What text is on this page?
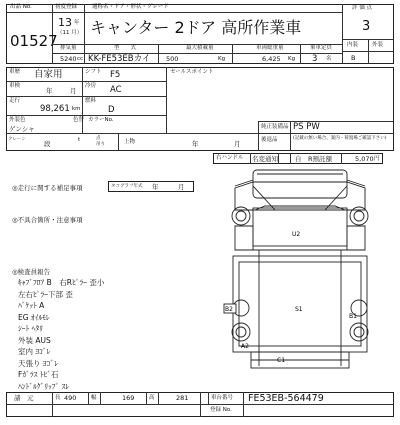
出品 No.
01527
初度登録	通称名・ドア・形状・グレード
13 年
（11 月） キャンター 2ドア 高所作業車
排気量	型　　式	最大積載量	車両総重量	乗車定員
5240 cc KK-FE53EBカイ 500	Kg	6,425 Kg 3 名
評 価 点
3
内装	外装
B
車歴 自家用	シフト F5
車検
年	月
冷房 AC
走行
98,261 km
燃料
D
外装色
ゲンシャ
色替 カラーNo.
クレーン
段	t	点
吊り	上物	年	月
セールスポイント
純正装備品 PS PW
後退品	(記載の無い場合、案内・荷置場ご確認下さい)
右ハンドル 名変通知	自　R預託額	5,070 円
◎走行に関する補足事項	タコグラフ年式 年	月
◎不具合箇所・注意事項
◎検査員報告
ｷｬﾌﾞﾌﾛｱ B　右Rﾋﾟﾗｰ 歪小
左右ﾋﾟﾗｰ下部 歪
ﾊﾞｹｯﾄ A
EG ｵｲﾙﾓﾚ
ｼｰﾄ ﾍﾀﾘ
外装 AUS
室内 ﾖｺﾞﾚ
天張り ﾖｺﾞﾚ
Fｶﾞﾗｽ ﾄﾋﾞ石
ﾊﾝﾄﾞﾙｸﾞﾘｯﾌﾟ ｽﾚ
U2
S1
B2
B1
A2
C1
諸　元	長 490	幅	169	高	281	車台番号 FE53EB-564479
登録 No.
